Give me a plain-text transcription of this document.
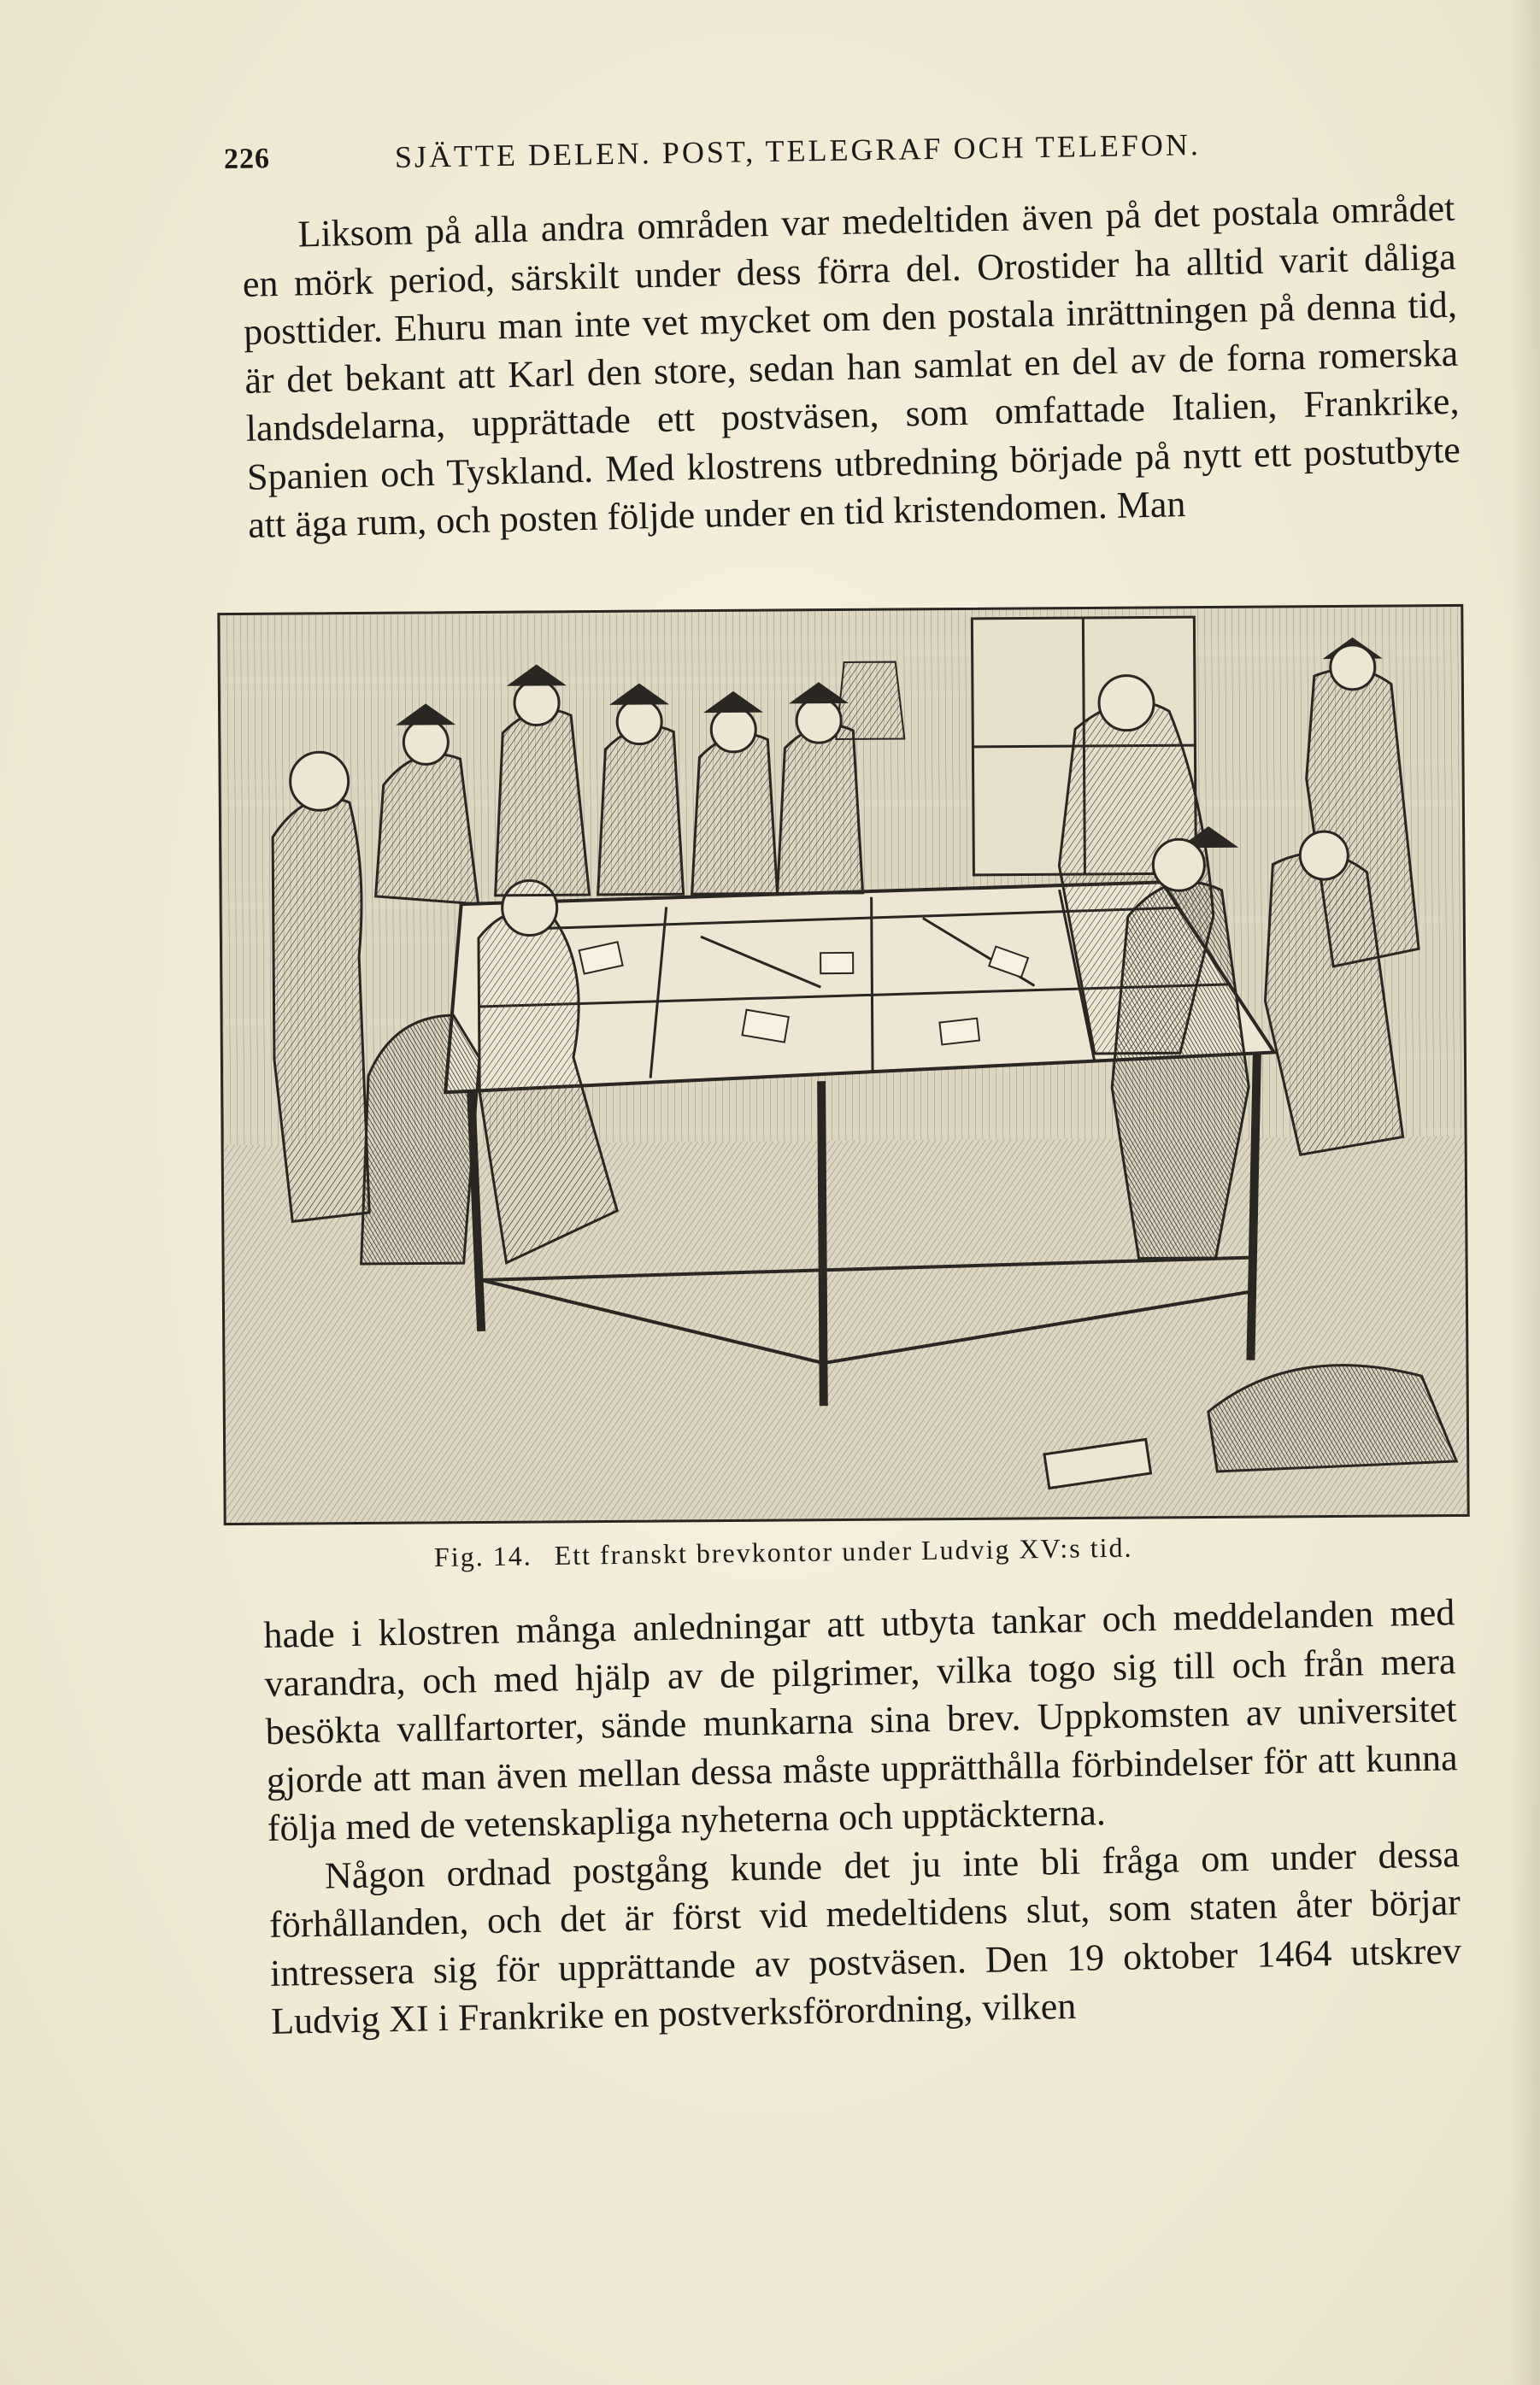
226	SJÄTTE DELEN. POST, TELEGRAF OCH TELEFON.

Liksom på alla andra områden var medeltiden även på det postala området en mörk period, särskilt under dess förra del. Orostider ha alltid varit dåliga posttider. Ehuru man inte vet mycket om den postala inrättningen på denna tid, är det bekant att Karl den store, sedan han samlat en del av de forna romerska landsdelarna, upprättade ett postväsen, som omfattade Italien, Frankrike, Spanien och Tyskland. Med klostrens utbredning började på nytt ett postutbyte att äga rum, och posten följde under en tid kristendomen. Man

Fig. 14. Ett franskt brevkontor under Ludvig XV:s tid.

hade i klostren många anledningar att utbyta tankar och meddelanden med varandra, och med hjälp av de pilgrimer, vilka togo sig till och från mera besökta vallfartorter, sände munkarna sina brev. Uppkomsten av universitet gjorde att man även mellan dessa måste upprätthålla förbindelser för att kunna följa med de vetenskapliga nyheterna och upptäckterna.

Någon ordnad postgång kunde det ju inte bli fråga om under dessa förhållanden, och det är först vid medeltidens slut, som staten åter börjar intressera sig för upprättande av postväsen. Den 19 oktober 1464 utskrev Ludvig XI i Frankrike en postverksförordning, vilken
